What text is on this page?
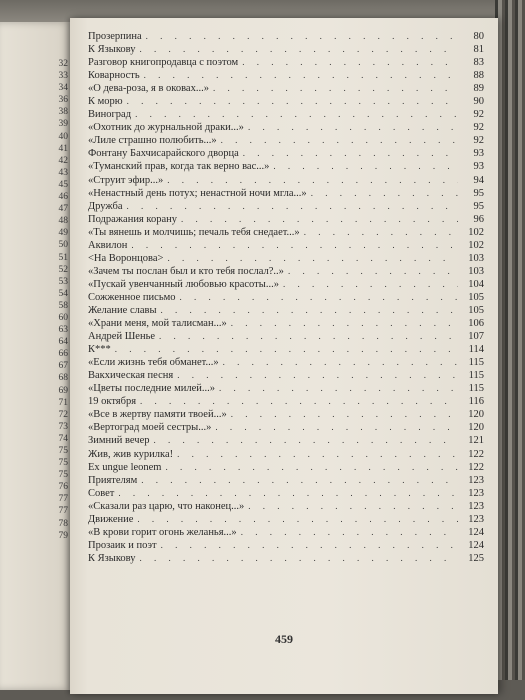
32
33
34
36
38
39
40
41
42
43
45
46
47
48
49
50
51
52
53
54
58
60
63
64
66
67
68
69
71
72
73
74
75
75
75
76
77
77
78
79
Прозерпина . . .	80
К Языкову . . .	81
Разговор книгопродавца с поэтом . . .	83
Коварность . . .	88
«О дева-роза, я в оковах...» . . .	89
К морю . . .	90
Виноград . . .	92
«Охотник до журнальной драки...» . . .	92
«Лиле страшно полюбить...» . . .	92
Фонтану Бахчисарайского дворца . . .	93
«Туманский прав, когда так верно вас...» . . .	93
«Струит эфир...» . . .	94
«Ненастный день потух; ненастной ночи мгла...» . . .	95
Дружба . . .	95
Подражания корану . . .	96
«Ты вянешь и молчишь; печаль тебя снедает...» . . .	102
Аквилон . . .	102
<На Воронцова> . . .	103
«Зачем ты послан был и кто тебя послал?..» . . .	103
«Пускай увенчанный любовью красоты...» . . .	104
Сожженное письмо . . .	105
Желание славы . . .	105
«Храни меня, мой талисман...» . . .	106
Андрей Шенье . . .	107
К*** . . .	114
«Если жизнь тебя обманет...» . . .	115
Вакхическая песня . . .	115
«Цветы последние милей...» . . .	115
19 октября . . .	116
«Все в жертву памяти твоей...» . . .	120
«Вертоград моей сестры...» . . .	120
Зимний вечер . . .	121
Жив, жив курилка! . . .	122
Ex ungue leonem . . .	122
Приятелям . . .	123
Совет . . .	123
«Сказали раз царю, что наконец...» . . .	123
Движение . . .	123
«В крови горит огонь желанья...» . . .	124
Прозаик и поэт . . .	124
К Языкову . . .	125
459
